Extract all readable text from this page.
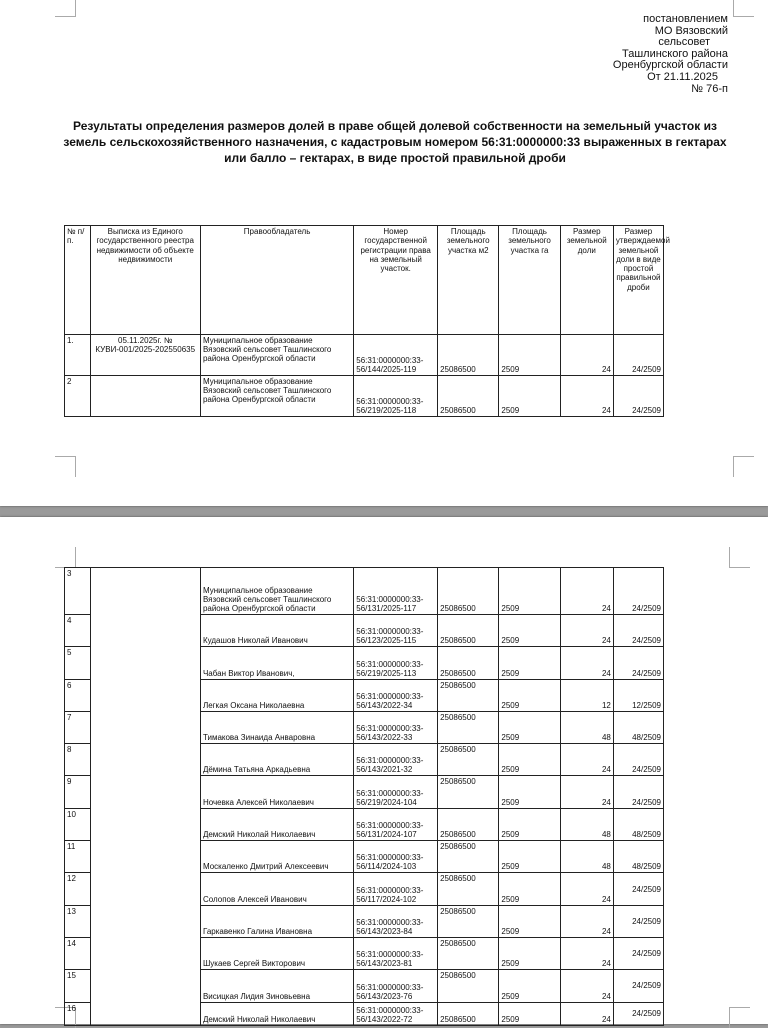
постановлением
МО Вязовский
сельсовет
Ташлинского района
Оренбургской области
От 21.11.2025
№ 76-п
Результаты определения размеров долей в праве общей долевой собственности на земельный участок из земель сельскохозяйственного назначения, с кадастровым номером 56:31:0000000:33 выраженных в гектарах или балло – гектарах, в виде простой правильной дроби
№ п/п.	Выписка из Единого государственного реестра недвижимости об объекте недвижимости	Правообладатель	Номер государственной регистрации права на земельный участок.	Площадь земельного участка м2	Площадь земельного участка га	Размер земельной доли	Размер утверждаемой земельной доли в виде простой правильной дроби
1.	05.11.2025г. № КУВИ-001/2025-202550635	Муниципальное образование Вязовский сельсовет Ташлинского района Оренбургской области	56:31:0000000:33-56/144/2025-119	25086500	2509	24	24/2509
2		Муниципальное образование Вязовский сельсовет Ташлинского района Оренбургской области	56:31:0000000:33-56/219/2025-118	25086500	2509	24	24/2509
3		Муниципальное образование Вязовский сельсовет Ташлинского района Оренбургской области	56:31:0000000:33-56/131/2025-117	25086500	2509	24	24/2509
4		Кудашов Николай Иванович	56:31:0000000:33-56/123/2025-115	25086500	2509	24	24/2509
5		Чабан Виктор Иванович,	56:31:0000000:33-56/219/2025-113	25086500	2509	24	24/2509
6		Легкая Оксана Николаевна	56:31:0000000:33-56/143/2022-34	25086500	2509	12	12/2509
7		Тимакова Зинаида Анваровна	56:31:0000000:33-56/143/2022-33	25086500	2509	48	48/2509
8		Дёмина Татьяна Аркадьевна	56:31:0000000:33-56/143/2021-32	25086500	2509	24	24/2509
9		Ночевка Алексей Николаевич	56:31:0000000:33-56/219/2024-104	25086500	2509	24	24/2509
10		Демский Николай Николаевич	56:31:0000000:33-56/131/2024-107	25086500	2509	48	48/2509
11		Москаленко Дмитрий Алексеевич	56:31:0000000:33-56/114/2024-103	25086500	2509	48	48/2509
12		Солопов Алексей Иванович	56:31:0000000:33-56/117/2024-102	25086500	2509	24	24/2509
13		Гаркавенко Галина Ивановна	56:31:0000000:33-56/143/2023-84	25086500	2509	24	24/2509
14		Шукаев Сергей Викторович	56:31:0000000:33-56/143/2023-81	25086500	2509	24	24/2509
15		Висицкая Лидия Зиновьевна	56:31:0000000:33-56/143/2023-76	25086500	2509	24	24/2509
16		Демский Николай Николаевич	56:31:0000000:33-56/143/2022-72	25086500	2509	24	24/2509
